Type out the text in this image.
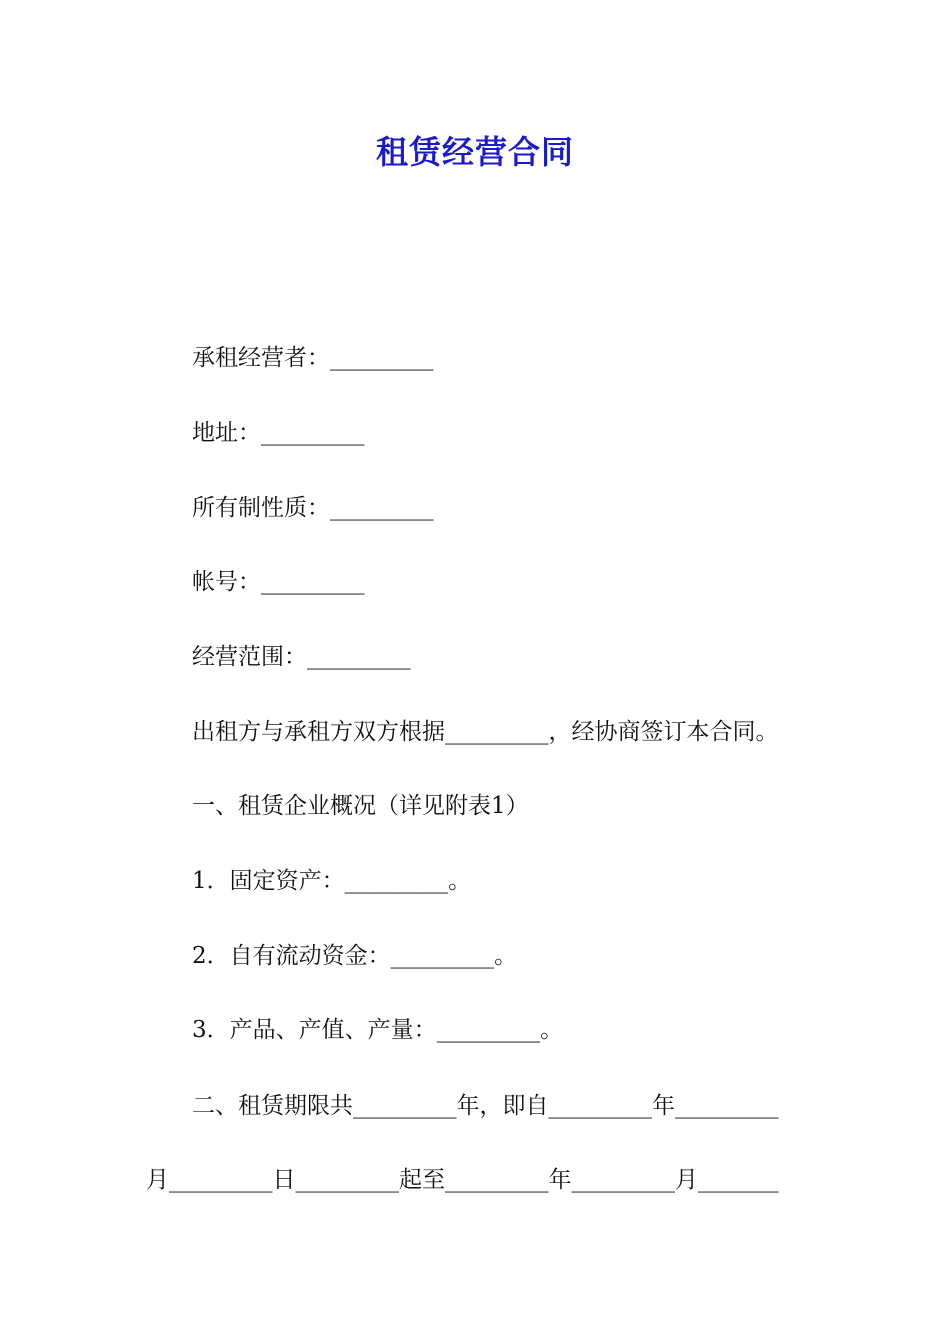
租赁经营合同
承租经营者：_________
地址：_________
所有制性质：_________
帐号：_________
经营范围：_________
出租方与承租方双方根据_________，经协商签订本合同。
一、租赁企业概况（详见附表1）
1．固定资产：_________。
2．自有流动资金：_________。
3．产品、产值、产量：_________。
二、租赁期限共_________年，即自_________年_________
月_________日_________起至_________年_________月_______
